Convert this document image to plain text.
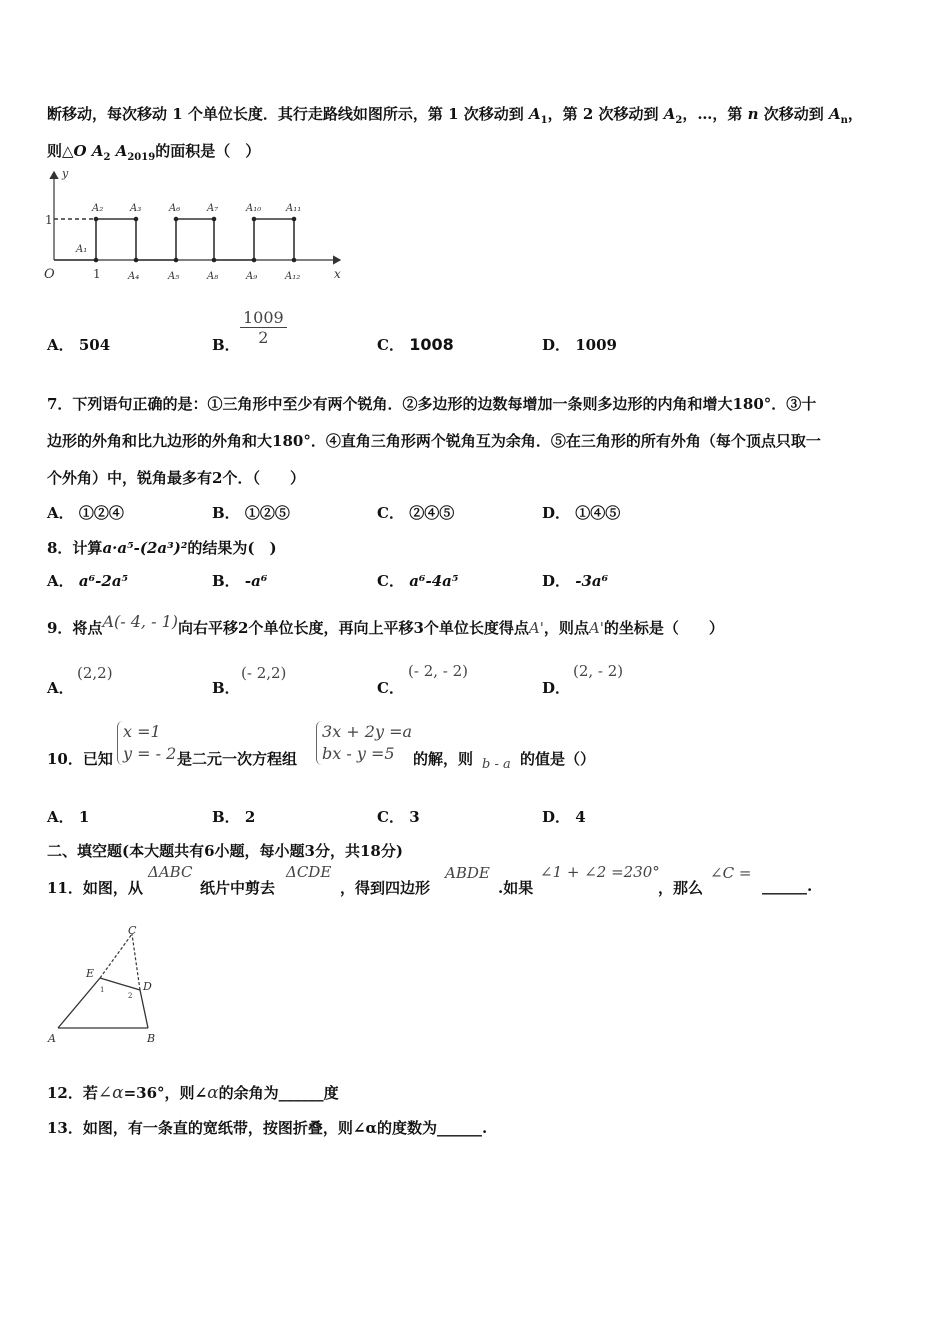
断移动，每次移动 1 个单位长度．其行走路线如图所示，第 1 次移动到 $A_1$，第 2 次移动到 $A_2$，…，第 n 次移动到 $A_n$，
则△O $A_2$ $A_{2019}$的面积是（　）
y
x
O
1
1
A₁
A₂	A₃	A₆	A₇	A₁₀ A₁₁
A₄	A₅	A₈	A₉	A₁₂
A． 504	B． $\frac{1009}{2}$	C． 1008	D． 1009
7．下列语句正确的是：①三角形中至少有两个锐角．②多边形的边数每增加一条则多边形的内角和增大180°．③十
边形的外角和比九边形的外角和大180°．④直角三角形两个锐角互为余角．⑤在三角形的所有外角（每个顶点只取一
个外角）中，锐角最多有2个．（　　）
A． ①②④	B． ①②⑤	C． ②④⑤	D． ①④⑤
8．计算a·a⁵-(2a³)²的结果为(　)
A． a⁶-2a⁵	B． -a⁶	C． a⁶-4a⁵	D． -3a⁶
9．将点A(- 4, - 1)向右平移2个单位长度，再向上平移3个单位长度得点A'，则点A'的坐标是（　　）
A．
(2,2)
B．
(- 2,2)
C．
(- 2, - 2)
D．
(2, - 2)
10．已知
x =1
y = - 2 是二元一次方程组
3x + 2y =a
bx - y =5	的解，则 b - a 的值是（）
A． 1	B． 2	C． 3	D． 4
二、填空题(本大题共有6小题，每小题3分，共18分)
11．如图，从
ΔABC
纸片中剪去
ΔCDE
，得到四边形
ABDE
.如果
∠1 + ∠2 =230°
，那么
∠C =
______.
A	B
C
D
E
1
2
12．若∠α=36°，则∠α的余角为______度
13．如图，有一条直的宽纸带，按图折叠，则∠α的度数为______.
